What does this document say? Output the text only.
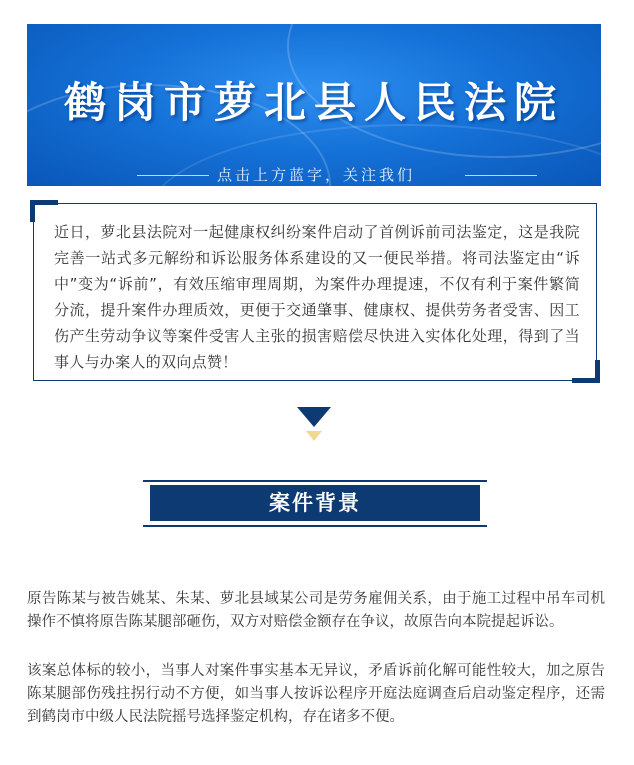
鹤岗市萝北县人民法院
点击上方蓝字，关注我们
近日，萝北县法院对一起健康权纠纷案件启动了首例诉前司法鉴定，这是我院完善一站式多元解纷和诉讼服务体系建设的又一便民举措。将司法鉴定由“诉中”变为“诉前”，有效压缩审理周期，为案件办理提速，不仅有利于案件繁简分流，提升案件办理质效，更便于交通肇事、健康权、提供劳务者受害、因工伤产生劳动争议等案件受害人主张的损害赔偿尽快进入实体化处理，得到了当事人与办案人的双向点赞！
案件背景

原告陈某与被告姚某、朱某、萝北县域某公司是劳务雇佣关系，由于施工过程中吊车司机操作不慎将原告陈某腿部砸伤，双方对赔偿金额存在争议，故原告向本院提起诉讼。

该案总体标的较小，当事人对案件事实基本无异议，矛盾诉前化解可能性较大，加之原告陈某腿部伤残拄拐行动不方便，如当事人按诉讼程序开庭法庭调查后启动鉴定程序，还需到鹤岗市中级人民法院摇号选择鉴定机构，存在诸多不便。
